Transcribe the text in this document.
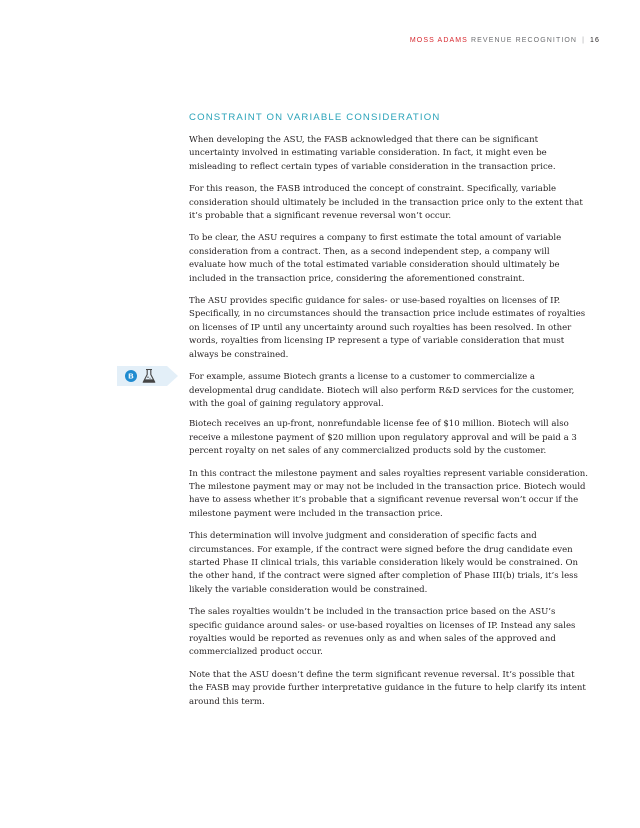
MOSS ADAMS REVENUE RECOGNITION | 16
B
CONSTRAINT ON VARIABLE CONSIDERATION

When developing the ASU, the FASB acknowledged that there can be significant uncertainty involved in estimating variable consideration. In fact, it might even be misleading to reflect certain types of variable consideration in the transaction price.

For this reason, the FASB introduced the concept of constraint. Specifically, variable consideration should ultimately be included in the transaction price only to the extent that it’s probable that a significant revenue reversal won’t occur.

To be clear, the ASU requires a company to first estimate the total amount of variable consideration from a contract. Then, as a second independent step, a company will evaluate how much of the total estimated variable consideration should ultimately be included in the transaction price, considering the aforementioned constraint.

The ASU provides specific guidance for sales- or use-based royalties on licenses of IP. Specifically, in no circumstances should the transaction price include estimates of royalties on licenses of IP until any uncertainty around such royalties has been resolved. In other words, royalties from licensing IP represent a type of variable consideration that must always be constrained.

For example, assume Biotech grants a license to a customer to commercialize a developmental drug candidate. Biotech will also perform R&D services for the customer, with the goal of gaining regulatory approval.

Biotech receives an up-front, nonrefundable license fee of $10 million. Biotech will also receive a milestone payment of $20 million upon regulatory approval and will be paid a 3 percent royalty on net sales of any commercialized products sold by the customer.

In this contract the milestone payment and sales royalties represent variable consideration. The milestone payment may or may not be included in the transaction price. Biotech would have to assess whether it’s probable that a significant revenue reversal won’t occur if the milestone payment were included in the transaction price.

This determination will involve judgment and consideration of specific facts and circumstances. For example, if the contract were signed before the drug candidate even started Phase II clinical trials, this variable consideration likely would be constrained. On the other hand, if the contract were signed after completion of Phase III(b) trials, it’s less likely the variable consideration would be constrained.

The sales royalties wouldn’t be included in the transaction price based on the ASU’s specific guidance around sales- or use-based royalties on licenses of IP. Instead any sales royalties would be reported as revenues only as and when sales of the approved and commercialized product occur.

Note that the ASU doesn’t define the term significant revenue reversal. It’s possible that the FASB may provide further interpretative guidance in the future to help clarify its intent around this term.
